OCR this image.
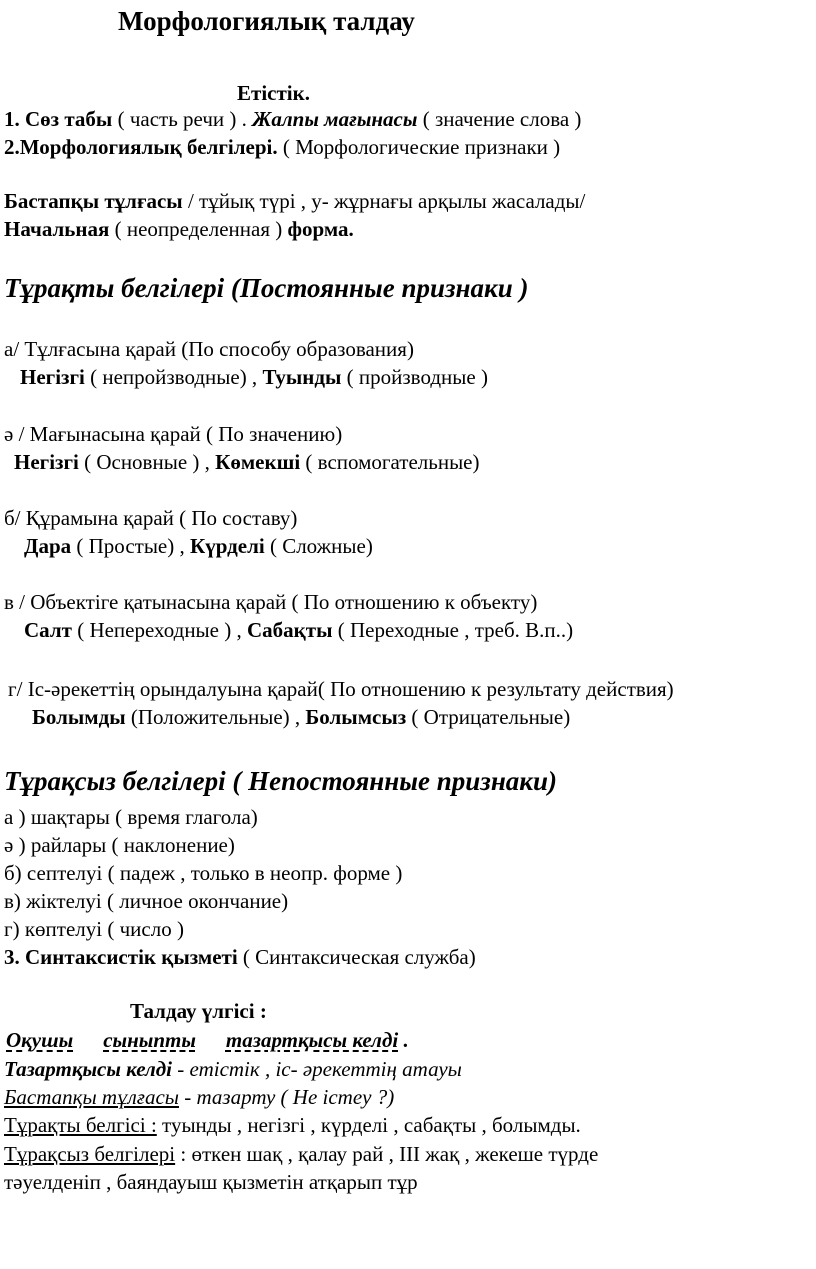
Морфологиялық талдау
Етістік.
1. Сөз табы ( часть речи ) . Жалпы мағынасы ( значение слова )
2.Морфологиялық белгілері. ( Морфологические признаки )
Бастапқы тұлғасы / тұйық түрі , у- жұрнағы арқылы жасалады/
Начальная ( неопределенная ) форма.
Тұрақты белгілері (Постоянные признаки )
а/ Тұлғасына қарай (По способу образования)
Негізгі ( непройзводные) , Туынды ( пройзводные )
ә / Мағынасына қарай ( По значению)
Негізгі ( Основные ) , Көмекші ( вспомогательные)
б/ Құрамына қарай ( По составу)
Дара ( Простые) , Күрделі ( Сложные)
в / Объектіге қатынасына қарай ( По отношению к объекту)
Салт ( Непереходные ) , Сабақты ( Переходные , треб. В.п..)
г/ Іс-әрекеттің орындалуына қарай( По отношению к результату действия)
Болымды (Положительные) , Болымсыз ( Отрицательные)
Тұрақсыз белгілері ( Непостоянные признаки)
а ) шақтары ( время глагола)
ә ) райлары ( наклонение)
б) септелуі ( падеж , только в неопр. форме )
в) жіктелуі ( личное окончание)
г) көптелуі ( число )
3. Синтаксистік қызметі ( Синтаксическая служба)
Талдау үлгісі :
Оқушы сыныпты тазартқысы келді .
Тазартқысы келді - етістік , іс- әрекеттің атауы
Бастапқы тұлғасы - тазарту ( Не істеу ?)
Тұрақты белгісі : туынды , негізгі , күрделі , сабақты , болымды.
Тұрақсыз белгілері : өткен шақ , қалау рай , ІІІ жақ , жекеше түрде
тәуелденіп , баяндауыш қызметін атқарып тұр
